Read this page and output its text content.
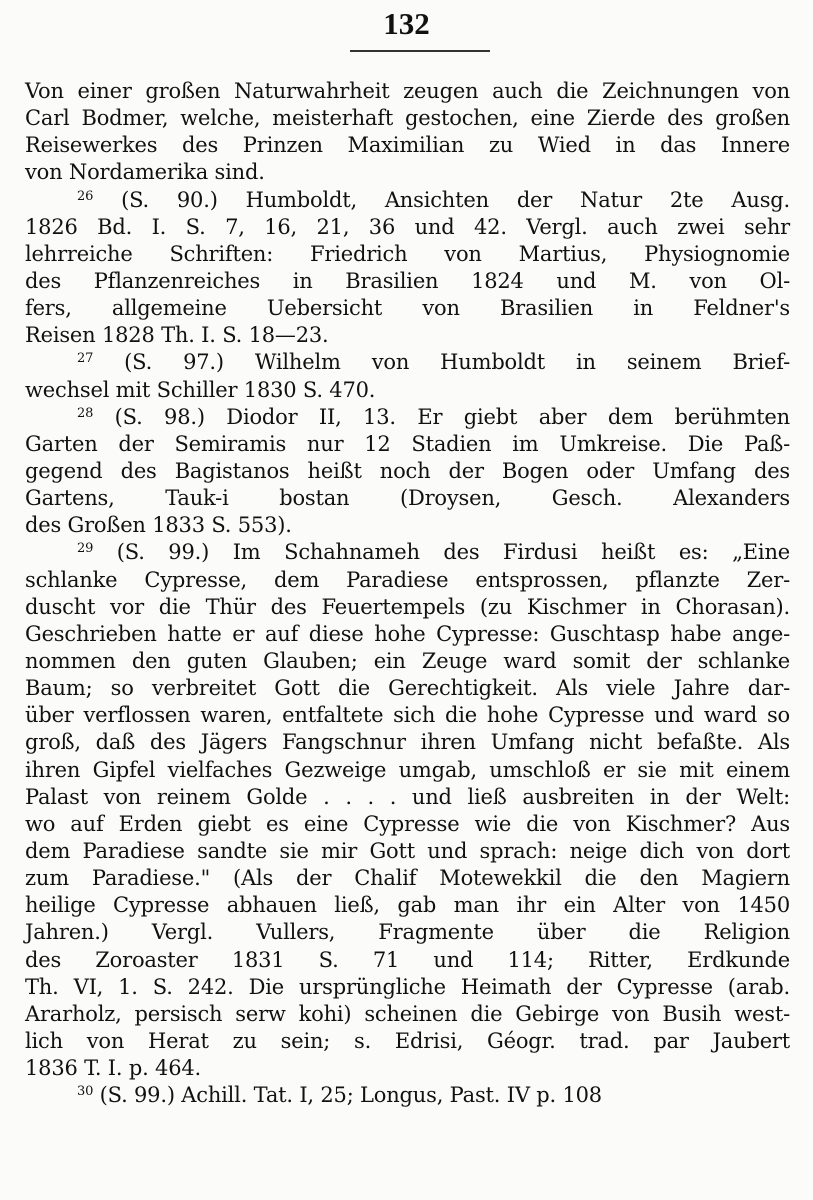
132
Von einer großen Naturwahrheit zeugen auch die Zeichnungen von
Carl Bodmer, welche, meisterhaft gestochen, eine Zierde des großen
Reisewerkes des Prinzen Maximilian zu Wied in das Innere
von Nordamerika sind.
$^{26}$ (S. 90.) Humboldt, Ansichten der Natur 2te Ausg.
1826 Bd. I. S. 7, 16, 21, 36 und 42. Vergl. auch zwei sehr
lehrreiche Schriften: Friedrich von Martius, Physiognomie
des Pflanzenreiches in Brasilien 1824 und M. von Ol-
fers, allgemeine Uebersicht von Brasilien in Feldner's
Reisen 1828 Th. I. S. 18—23.
$^{27}$ (S. 97.) Wilhelm von Humboldt in seinem Brief-
wechsel mit Schiller 1830 S. 470.
$^{28}$ (S. 98.) Diodor II, 13. Er giebt aber dem berühmten
Garten der Semiramis nur 12 Stadien im Umkreise. Die Paß-
gegend des Bagistanos heißt noch der Bogen oder Umfang des
Gartens, Tauk-i bostan (Droysen, Gesch. Alexanders
des Großen 1833 S. 553).
$^{29}$ (S. 99.) Im Schahnameh des Firdusi heißt es: „Eine
schlanke Cypresse, dem Paradiese entsprossen, pflanzte Zer-
duscht vor die Thür des Feuertempels (zu Kischmer in Chorasan).
Geschrieben hatte er auf diese hohe Cypresse: Guschtasp habe ange-
nommen den guten Glauben; ein Zeuge ward somit der schlanke
Baum; so verbreitet Gott die Gerechtigkeit. Als viele Jahre dar-
über verflossen waren, entfaltete sich die hohe Cypresse und ward so
groß, daß des Jägers Fangschnur ihren Umfang nicht befaßte. Als
ihren Gipfel vielfaches Gezweige umgab, umschloß er sie mit einem
Palast von reinem Golde . . . . und ließ ausbreiten in der Welt:
wo auf Erden giebt es eine Cypresse wie die von Kischmer? Aus
dem Paradiese sandte sie mir Gott und sprach: neige dich von dort
zum Paradiese." (Als der Chalif Motewekkil die den Magiern
heilige Cypresse abhauen ließ, gab man ihr ein Alter von 1450
Jahren.) Vergl. Vullers, Fragmente über die Religion
des Zoroaster 1831 S. 71 und 114; Ritter, Erdkunde
Th. VI, 1. S. 242. Die ursprüngliche Heimath der Cypresse (arab.
Ararholz, persisch serw kohi) scheinen die Gebirge von Busih west-
lich von Herat zu sein; s. Edrisi, Géogr. trad. par Jaubert
1836 T. I. p. 464.
$^{30}$ (S. 99.) Achill. Tat. I, 25; Longus, Past. IV p. 108
